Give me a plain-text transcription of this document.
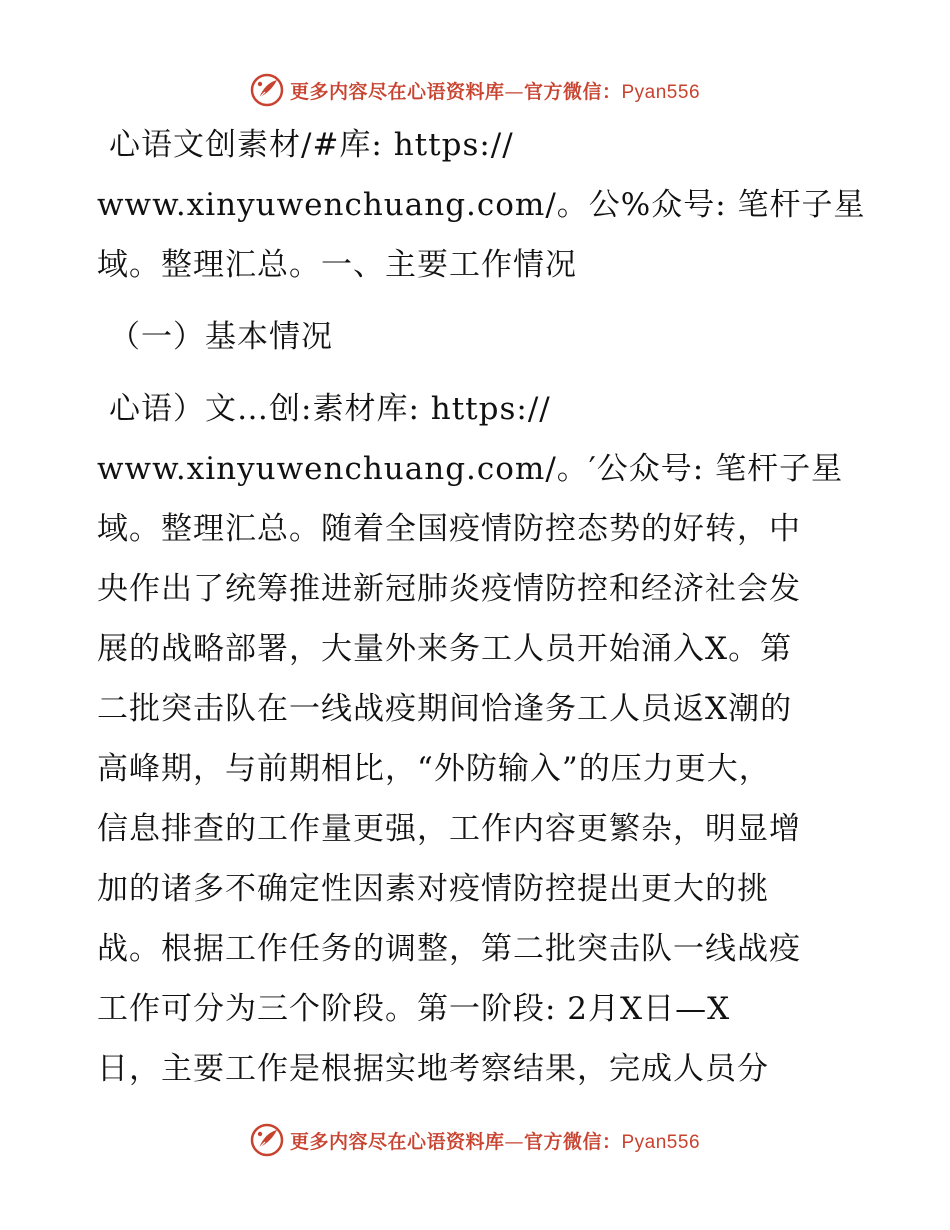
更多内容尽在心语资料库—官方微信：Pyan556
心语文创素材/#库: https://
www.xinyuwenchuang.com/。公%众号: 笔杆子星
域。整理汇总。一、主要工作情况
（一）基本情况
心语）文…创:素材库: https://
www.xinyuwenchuang.com/。′公众号: 笔杆子星
域。整理汇总。随着全国疫情防控态势的好转，中
央作出了统筹推进新冠肺炎疫情防控和经济社会发
展的战略部署，大量外来务工人员开始涌入X。第
二批突击队在一线战疫期间恰逢务工人员返X潮的
高峰期，与前期相比，“外防输入”的压力更大，
信息排查的工作量更强，工作内容更繁杂，明显增
加的诸多不确定性因素对疫情防控提出更大的挑
战。根据工作任务的调整，第二批突击队一线战疫
工作可分为三个阶段。第一阶段: 2月X日—X
日，主要工作是根据实地考察结果，完成人员分
更多内容尽在心语资料库—官方微信：Pyan556
